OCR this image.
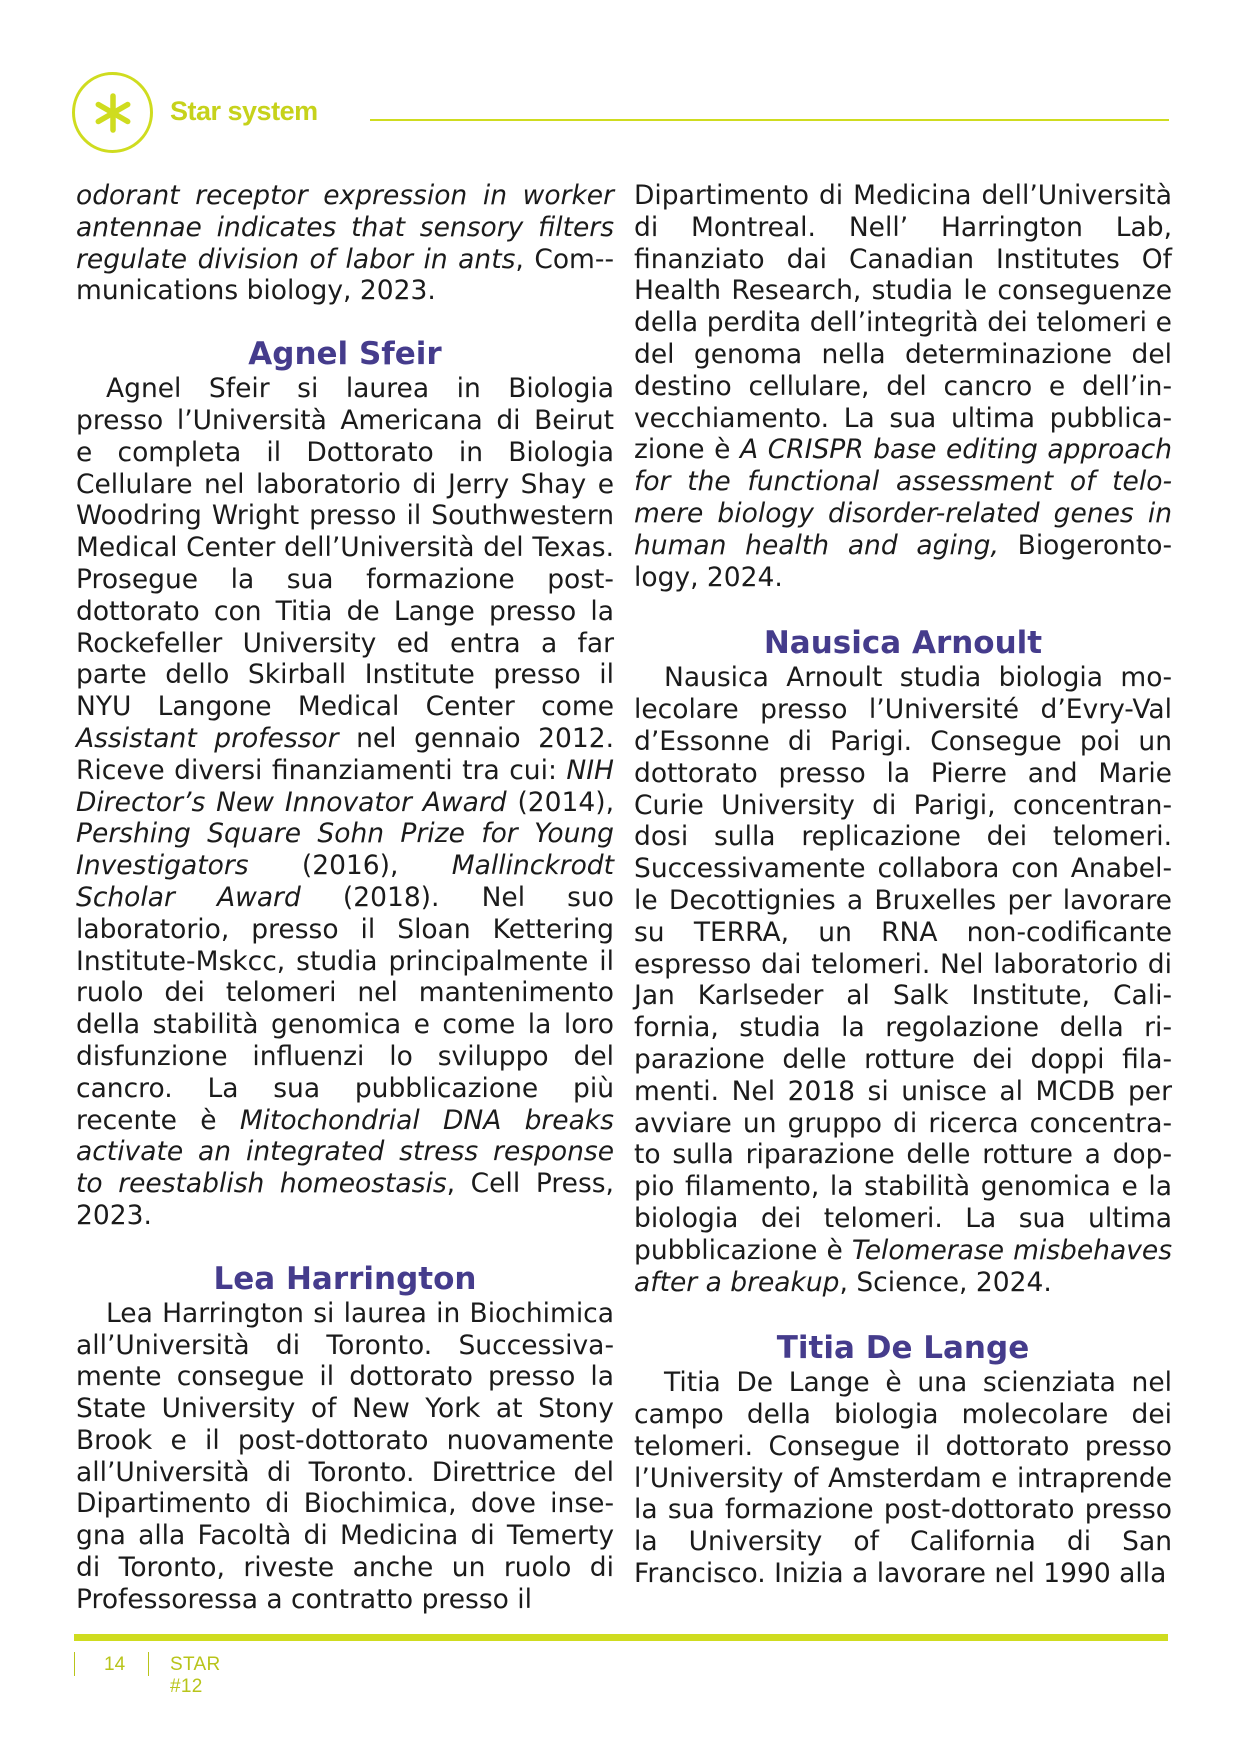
Star system

odorant receptor expression in worker antennae indicates that sensory filters regulate division of labor in ants, Com-munications biology, 2023.

Agnel Sfeir

Agnel Sfeir si laurea in Biologia presso l’Università Americana di Beirut e completa il Dottorato in Biologia Cellulare nel laboratorio di Jerry Shay e Woodring Wright presso il Southwestern Medical Center dell’Università del Texas. Prosegue la sua formazione post-dottorato con Titia de Lange presso la Rockefeller University ed entra a far parte dello Skirball Institute presso il NYU Langone Medical Center come Assistant professor nel gennaio 2012. Riceve diversi finanziamenti tra cui: NIH Director’s New Innovator Award (2014), Pershing Square Sohn Prize for Young Investigators (2016), Mallinckrodt Scholar Award (2018). Nel suo laboratorio, presso il Sloan Kettering Institute-Mskcc, studia principalmente il ruolo dei telomeri nel mantenimento della stabilità genomica e come la loro disfunzione influenzi lo sviluppo del cancro. La sua pubblicazione più recente è Mitochondrial DNA breaks activate an integrated stress response to reestablish homeostasis, Cell Press, 2023.

Lea Harrington

Lea Harrington si laurea in Biochimica all’Università di Toronto. Successivamente consegue il dottorato presso la State University of New York at Stony Brook e il post-dottorato nuovamente all’Università di Toronto. Direttrice del Dipartimento di Biochimica, dove insegna alla Facoltà di Medicina di Temerty di Toronto, riveste anche un ruolo di Professoressa a contratto presso il

Dipartimento di Medicina dell’Università di Montreal. Nell’ Harrington Lab, finanziato dai Canadian Institutes Of Health Research, studia le conseguenze della perdita dell’integrità dei telomeri e del genoma nella determinazione del destino cellulare, del cancro e dell’invecchiamento. La sua ultima pubblicazione è A CRISPR base editing approach for the functional assessment of telomere biology disorder-related genes in human health and aging, Biogerontology, 2024.

Nausica Arnoult

Nausica Arnoult studia biologia molecolare presso l’Université d’Evry-Val d’Essonne di Parigi. Consegue poi un dottorato presso la Pierre and Marie Curie University di Parigi, concentrandosi sulla replicazione dei telomeri. Successivamente collabora con Anabelle Decottignies a Bruxelles per lavorare su TERRA, un RNA non-codificante espresso dai telomeri. Nel laboratorio di Jan Karlseder al Salk Institute, California, studia la regolazione della riparazione delle rotture dei doppi filamenti. Nel 2018 si unisce al MCDB per avviare un gruppo di ricerca concentrato sulla riparazione delle rotture a doppio filamento, la stabilità genomica e la biologia dei telomeri. La sua ultima pubblicazione è Telomerase misbehaves after a breakup, Science, 2024.

Titia De Lange

Titia De Lange è una scienziata nel campo della biologia molecolare dei telomeri. Consegue il dottorato presso l’University of Amsterdam e intraprende la sua formazione post-dottorato presso la University of California di San Francisco. Inizia a lavorare nel 1990 alla

14 STAR #12
